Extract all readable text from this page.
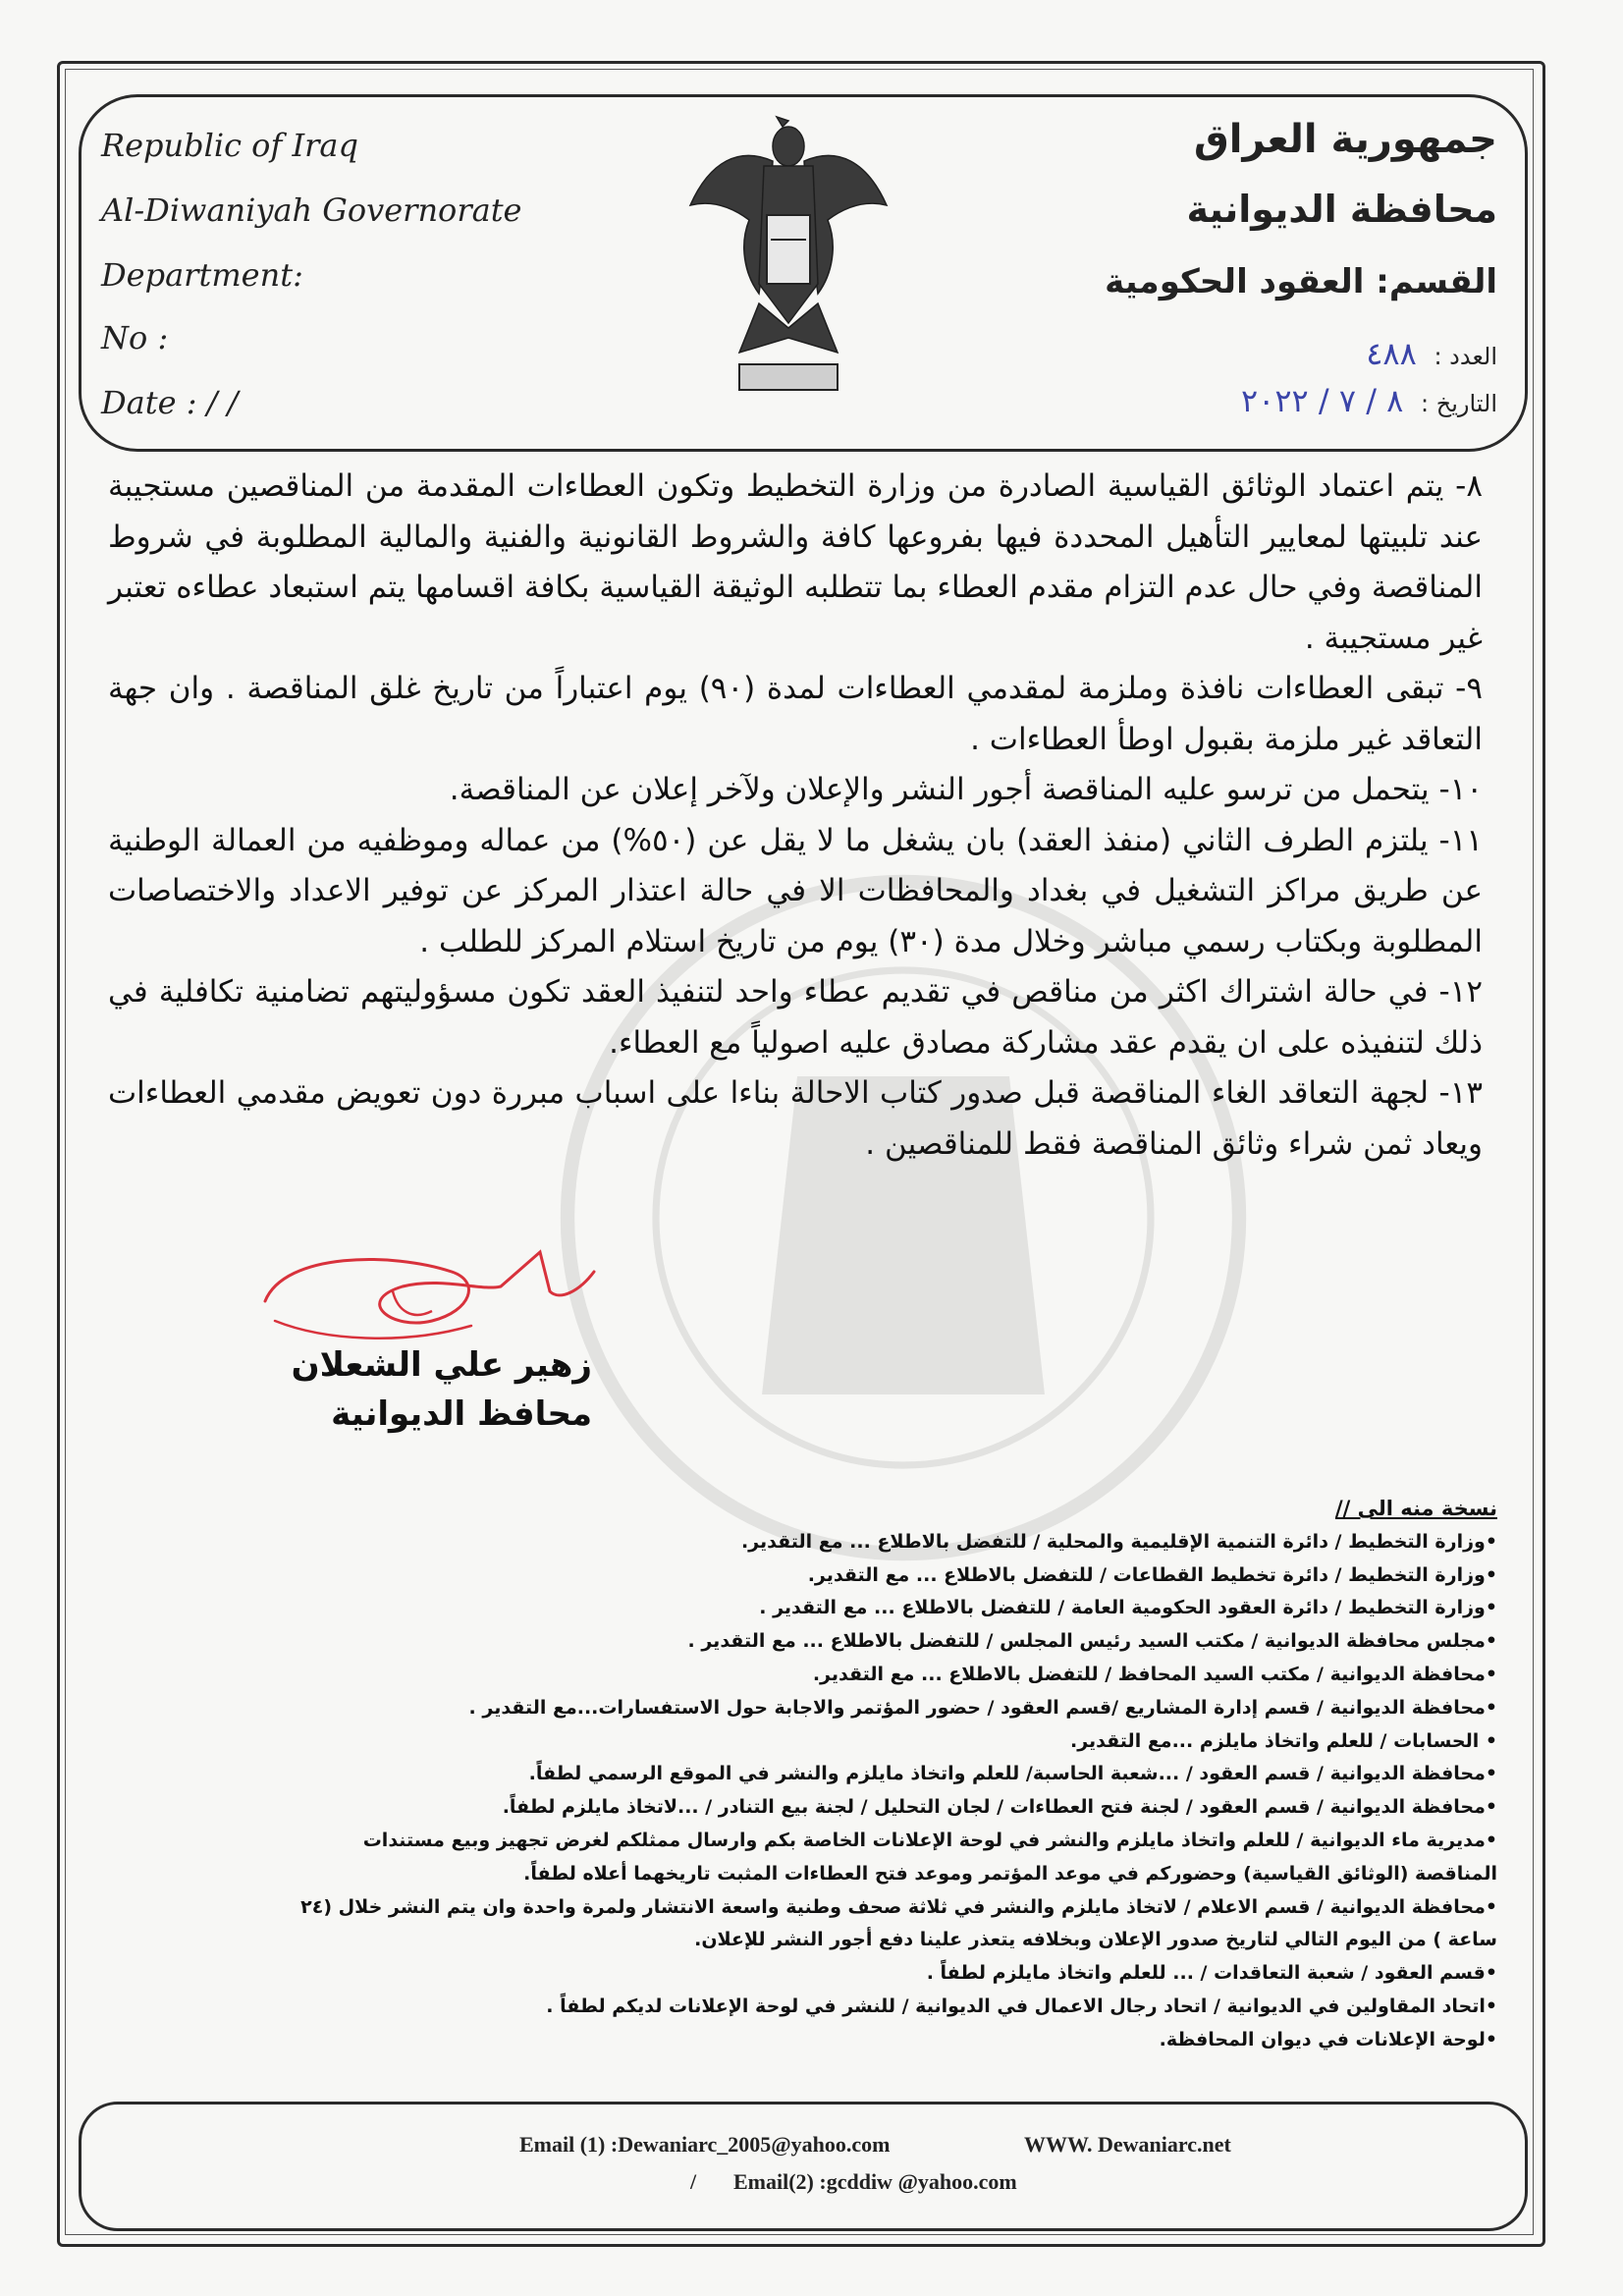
Republic of Iraq
Al-Diwaniyah Governorate
Department:
No :
Date : / /
جمهورية العراق
محافظة الديوانية
القسم: العقود الحكومية
العدد : ٤٨٨
التاريخ : ٨ / ٧ / ٢٠٢٢

٨- يتم اعتماد الوثائق القياسية الصادرة من وزارة التخطيط وتكون العطاءات المقدمة من المناقصين مستجيبة عند تلبيتها لمعايير التأهيل المحددة فيها بفروعها كافة والشروط القانونية والفنية والمالية المطلوبة في شروط المناقصة وفي حال عدم التزام مقدم العطاء بما تتطلبه الوثيقة القياسية بكافة اقسامها يتم استبعاد عطاءه تعتبر غير مستجيبة .

٩- تبقى العطاءات نافذة وملزمة لمقدمي العطاءات لمدة (٩٠) يوم اعتباراً من تاريخ غلق المناقصة . وان جهة التعاقد غير ملزمة بقبول اوطأ العطاءات .

١٠- يتحمل من ترسو عليه المناقصة أجور النشر والإعلان ولآخر إعلان عن المناقصة.

١١- يلتزم الطرف الثاني (منفذ العقد) بان يشغل ما لا يقل عن (٥٠%) من عماله وموظفيه من العمالة الوطنية عن طريق مراكز التشغيل في بغداد والمحافظات الا في حالة اعتذار المركز عن توفير الاعداد والاختصاصات المطلوبة وبكتاب رسمي مباشر وخلال مدة (٣٠) يوم من تاريخ استلام المركز للطلب .

١٢- في حالة اشتراك اكثر من مناقص في تقديم عطاء واحد لتنفيذ العقد تكون مسؤوليتهم تضامنية تكافلية في ذلك لتنفيذه على ان يقدم عقد مشاركة مصادق عليه اصولياً مع العطاء.

١٣- لجهة التعاقد الغاء المناقصة قبل صدور كتاب الاحالة بناءا على اسباب مبررة دون تعويض مقدمي العطاءات ويعاد ثمن شراء وثائق المناقصة فقط للمناقصين .

زهير علي الشعلان
محافظ الديوانية
نسخة منه الى //
•وزارة التخطيط / دائرة التنمية الإقليمية والمحلية / للتفضل بالاطلاع ... مع التقدير.
•وزارة التخطيط / دائرة تخطيط القطاعات / للتفضل بالاطلاع ... مع التقدير.
•وزارة التخطيط / دائرة العقود الحكومية العامة / للتفضل بالاطلاع ... مع التقدير .
•مجلس محافظة الديوانية / مكتب السيد رئيس المجلس / للتفضل بالاطلاع ... مع التقدير .
•محافظة الديوانية / مكتب السيد المحافظ / للتفضل بالاطلاع ... مع التقدير.
•محافظة الديوانية / قسم إدارة المشاريع /قسم العقود / حضور المؤتمر والاجابة حول الاستفسارات...مع التقدير .
• الحسابات / للعلم واتخاذ مايلزم ...مع التقدير.
•محافظة الديوانية / قسم العقود / ...شعبة الحاسبة/ للعلم واتخاذ مايلزم والنشر في الموقع الرسمي لطفاً.
•محافظة الديوانية / قسم العقود / لجنة فتح العطاءات / لجان التحليل / لجنة بيع التنادر / ...لاتخاذ مايلزم لطفاً.
•مديرية ماء الديوانية / للعلم واتخاذ مايلزم والنشر في لوحة الإعلانات الخاصة بكم وارسال ممثلكم لغرض تجهيز وبيع مستندات
المناقصة (الوثائق القياسية) وحضوركم في موعد المؤتمر وموعد فتح العطاءات المثبت تاريخهما أعلاه لطفاً.
•محافظة الديوانية / قسم الاعلام / لاتخاذ مايلزم والنشر في ثلاثة صحف وطنية واسعة الانتشار ولمرة واحدة وان يتم النشر خلال (٢٤
ساعة ) من اليوم التالي لتاريخ صدور الإعلان وبخلافه يتعذر علينا دفع أجور النشر للإعلان.
•قسم العقود / شعبة التعاقدات / ... للعلم واتخاذ مايلزم لطفاً .
•اتحاد المقاولين في الديوانية / اتحاد رجال الاعمال في الديوانية / للنشر في لوحة الإعلانات لديكم لطفاً .
•لوحة الإعلانات في ديوان المحافظة.
Email (1) :Dewaniarc_2005@yahoo.com	WWW. Dewaniarc.net
/ Email(2) :gcddiw @yahoo.com
